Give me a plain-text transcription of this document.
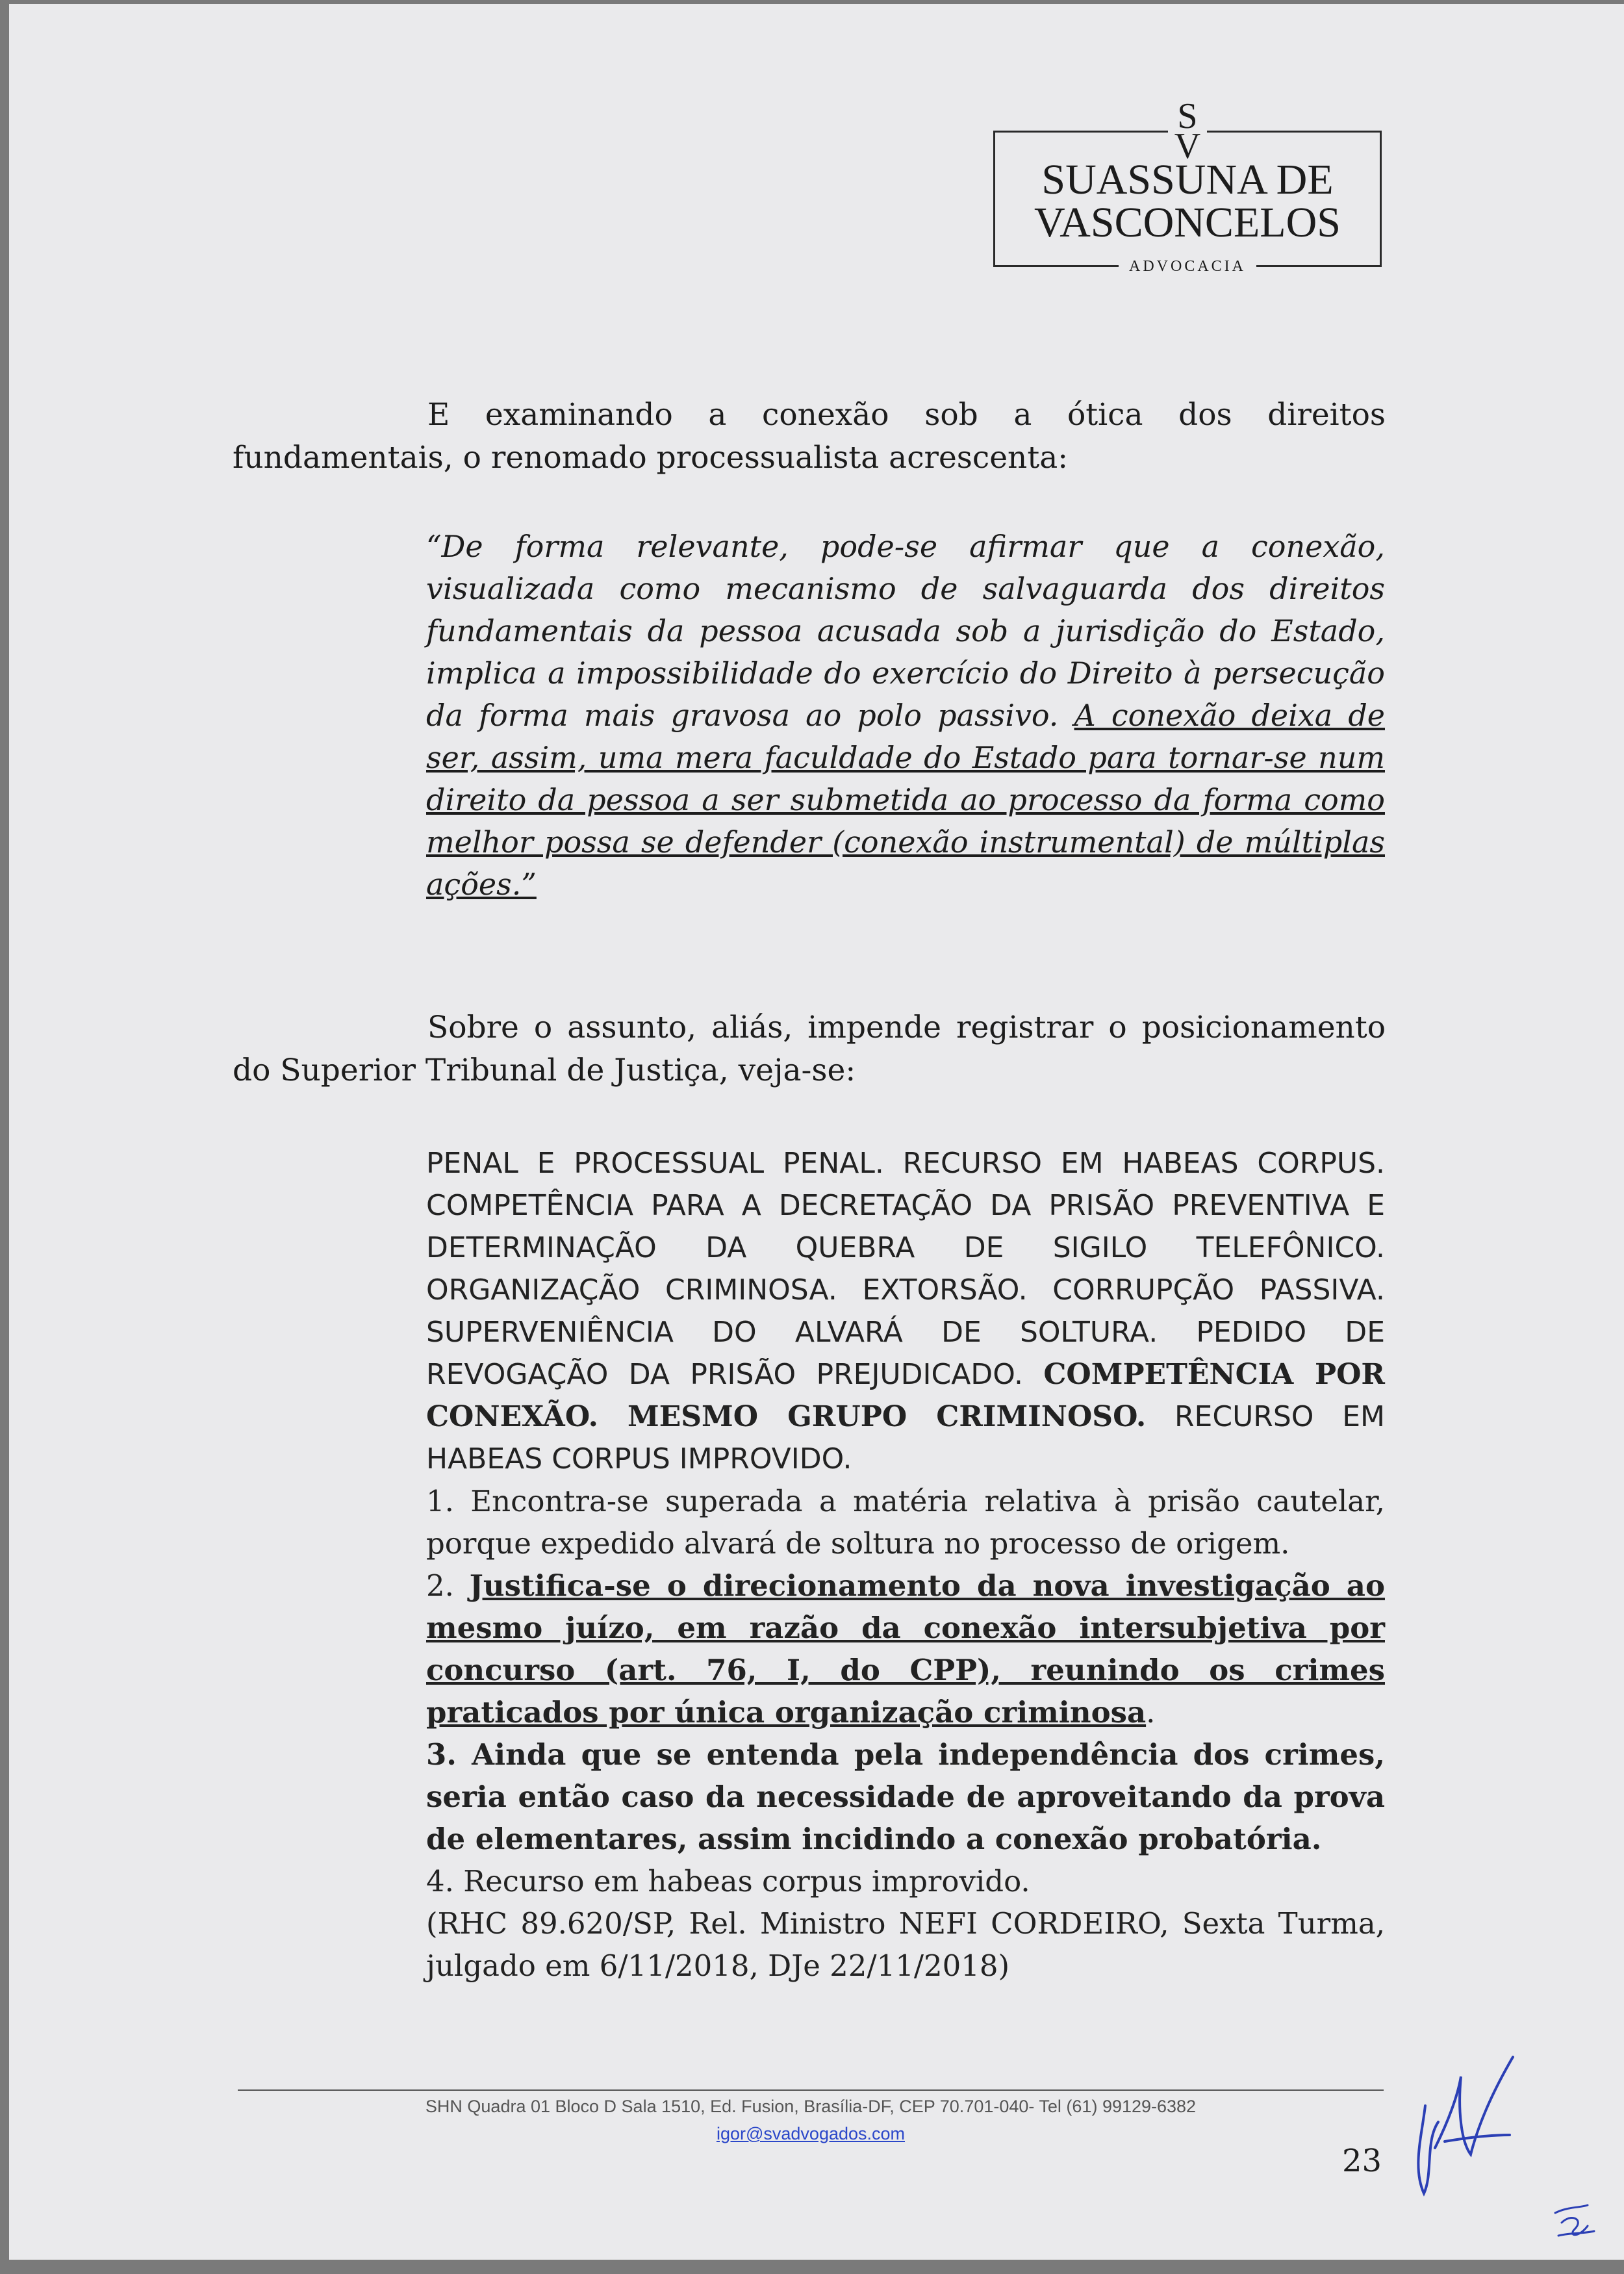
S V
SUASSUNA DE
VASCONCELOS
ADVOCACIA

E examinando a conexão sob a ótica dos direitos fundamentais, o renomado processualista acrescenta:

“De forma relevante, pode-se afirmar que a conexão, visualizada como mecanismo de salvaguarda dos direitos fundamentais da pessoa acusada sob a jurisdição do Estado, implica a impossibilidade do exercício do Direito à persecução da forma mais gravosa ao polo passivo. A conexão deixa de ser, assim, uma mera faculdade do Estado para tornar-se num direito da pessoa a ser submetida ao processo da forma como melhor possa se defender (conexão instrumental) de múltiplas ações.”

Sobre o assunto, aliás, impende registrar o posicionamento do Superior Tribunal de Justiça, veja-se:

PENAL E PROCESSUAL PENAL. RECURSO EM HABEAS CORPUS. COMPETÊNCIA PARA A DECRETAÇÃO DA PRISÃO PREVENTIVA E DETERMINAÇÃO DA QUEBRA DE SIGILO TELEFÔNICO. ORGANIZAÇÃO CRIMINOSA. EXTORSÃO. CORRUPÇÃO PASSIVA. SUPERVENIÊNCIA DO ALVARÁ DE SOLTURA. PEDIDO DE REVOGAÇÃO DA PRISÃO PREJUDICADO. COMPETÊNCIA POR CONEXÃO. MESMO GRUPO CRIMINOSO. RECURSO EM HABEAS CORPUS IMPROVIDO.

1. Encontra-se superada a matéria relativa à prisão cautelar, porque expedido alvará de soltura no processo de origem.

2. Justifica-se o direcionamento da nova investigação ao mesmo juízo, em razão da conexão intersubjetiva por concurso (art. 76, I, do CPP), reunindo os crimes praticados por única organização criminosa.

3. Ainda que se entenda pela independência dos crimes, seria então caso da necessidade de aproveitando da prova de elementares, assim incidindo a conexão probatória.

4. Recurso em habeas corpus improvido.

(RHC 89.620/SP, Rel. Ministro NEFI CORDEIRO, Sexta Turma, julgado em 6/11/2018, DJe 22/11/2018)

SHN Quadra 01 Bloco D Sala 1510, Ed. Fusion, Brasília-DF, CEP 70.701-040- Tel (61) 99129-6382
igor@svadvogados.com
23
